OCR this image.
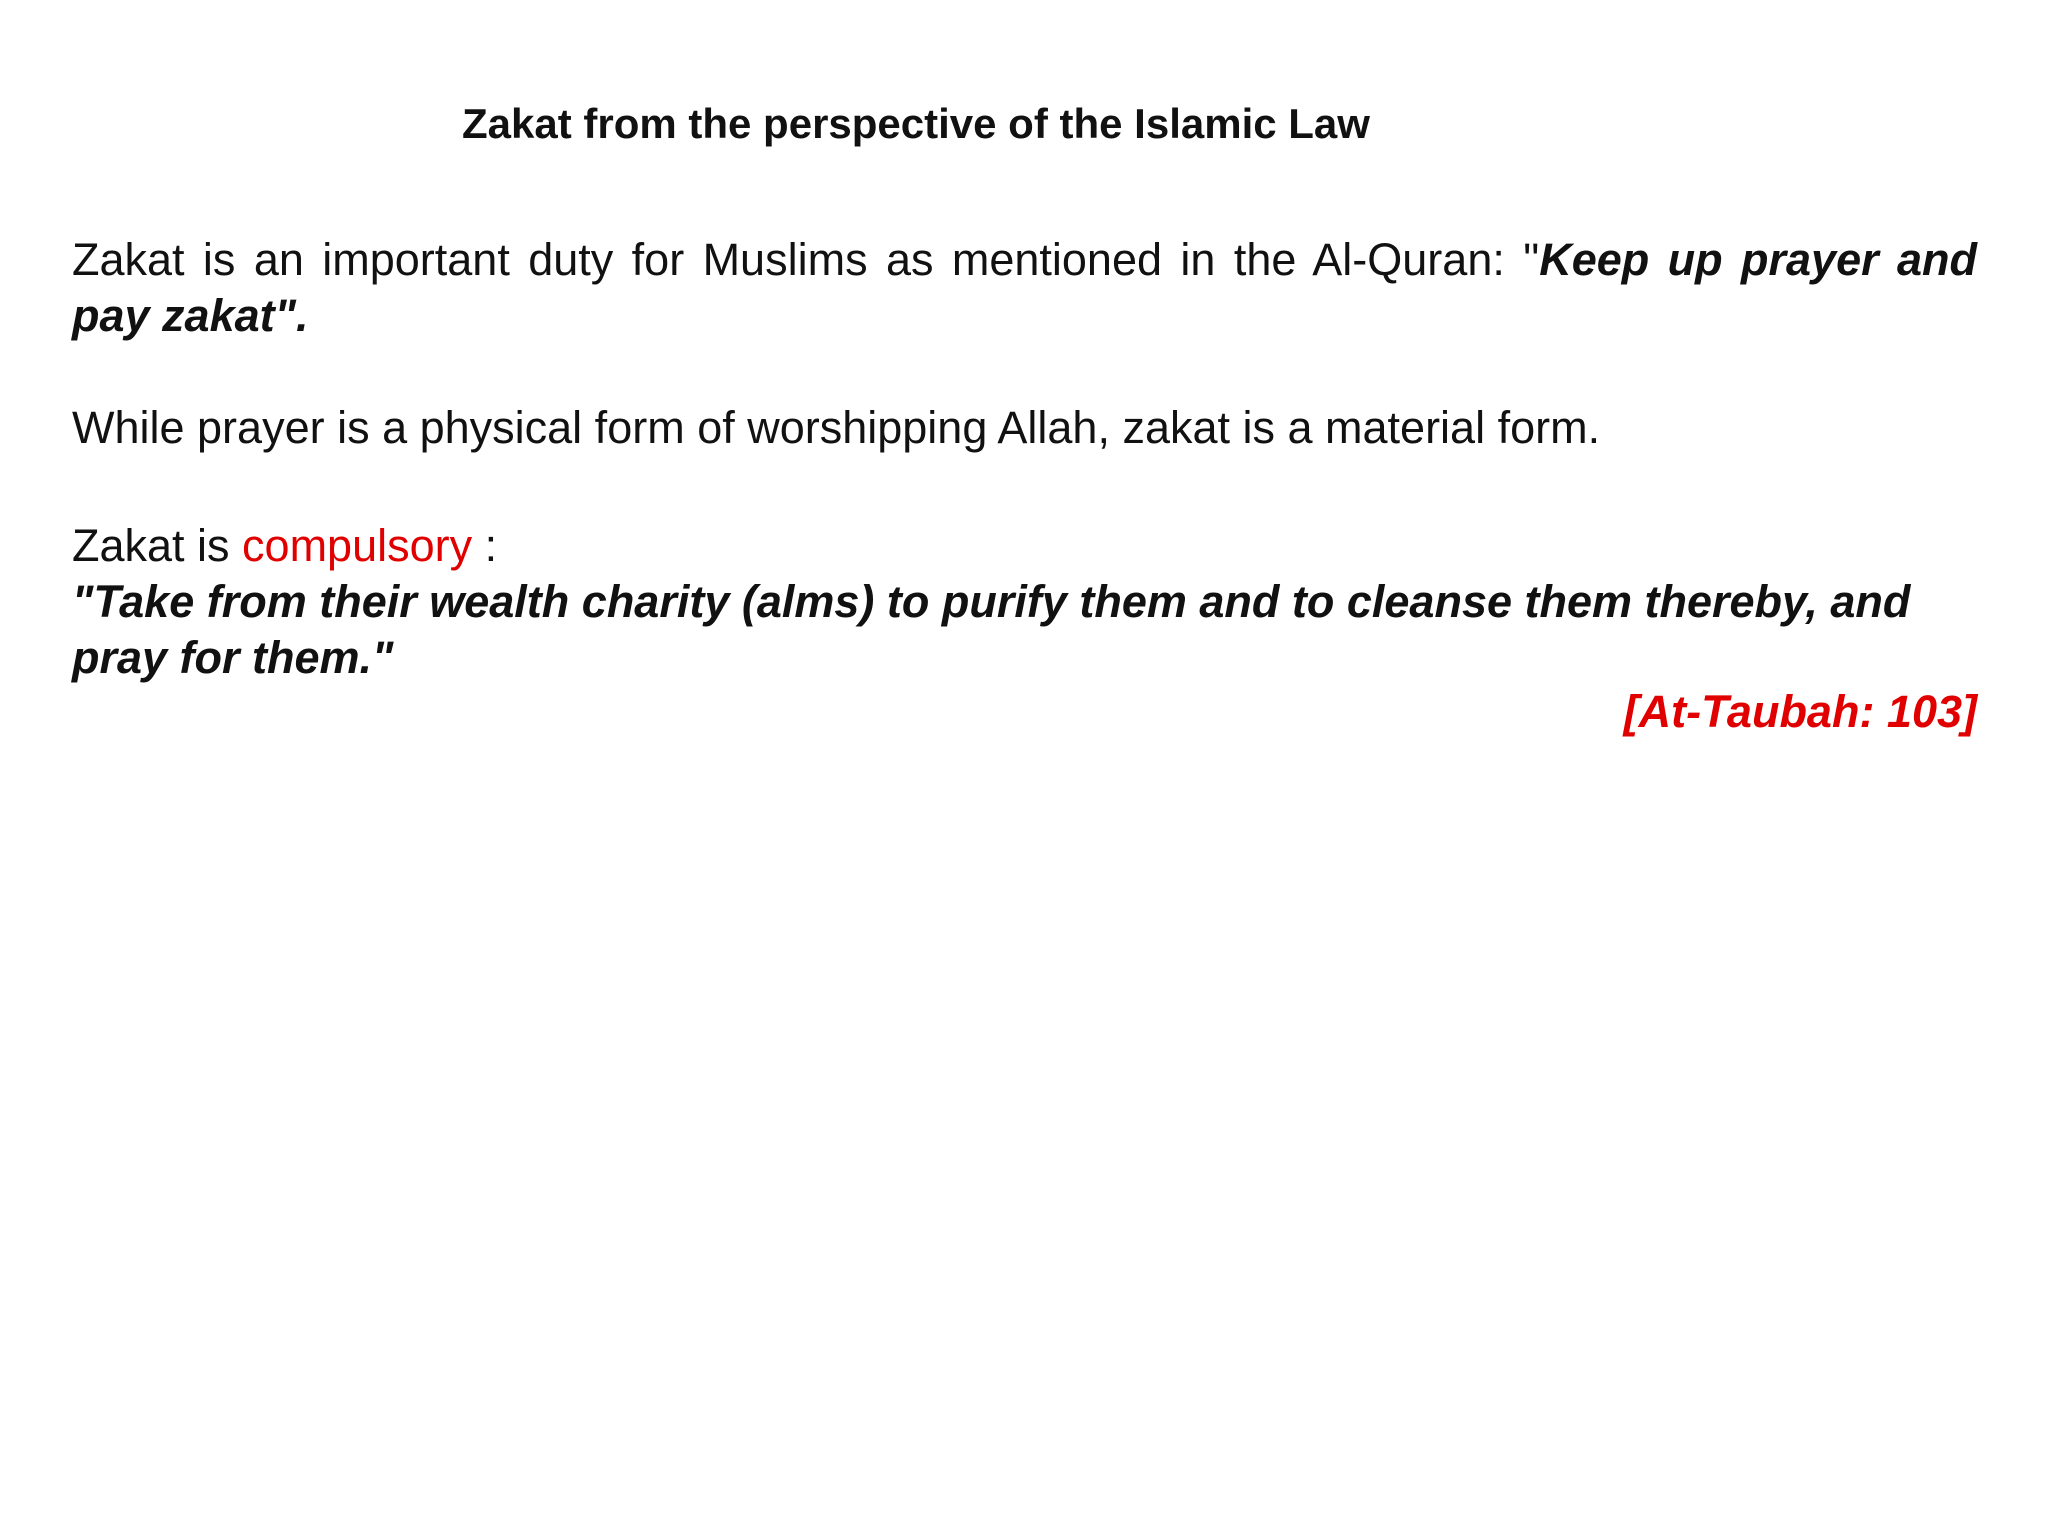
Zakat from the perspective of the Islamic Law

Zakat is an important duty for Muslims as mentioned in the Al-Quran: "Keep up prayer and pay zakat".

While prayer is a physical form of worshipping Allah, zakat is a material form.

Zakat is compulsory :
"Take from their wealth charity (alms) to purify them and to cleanse them thereby, and pray for them."

[At-Taubah: 103]
